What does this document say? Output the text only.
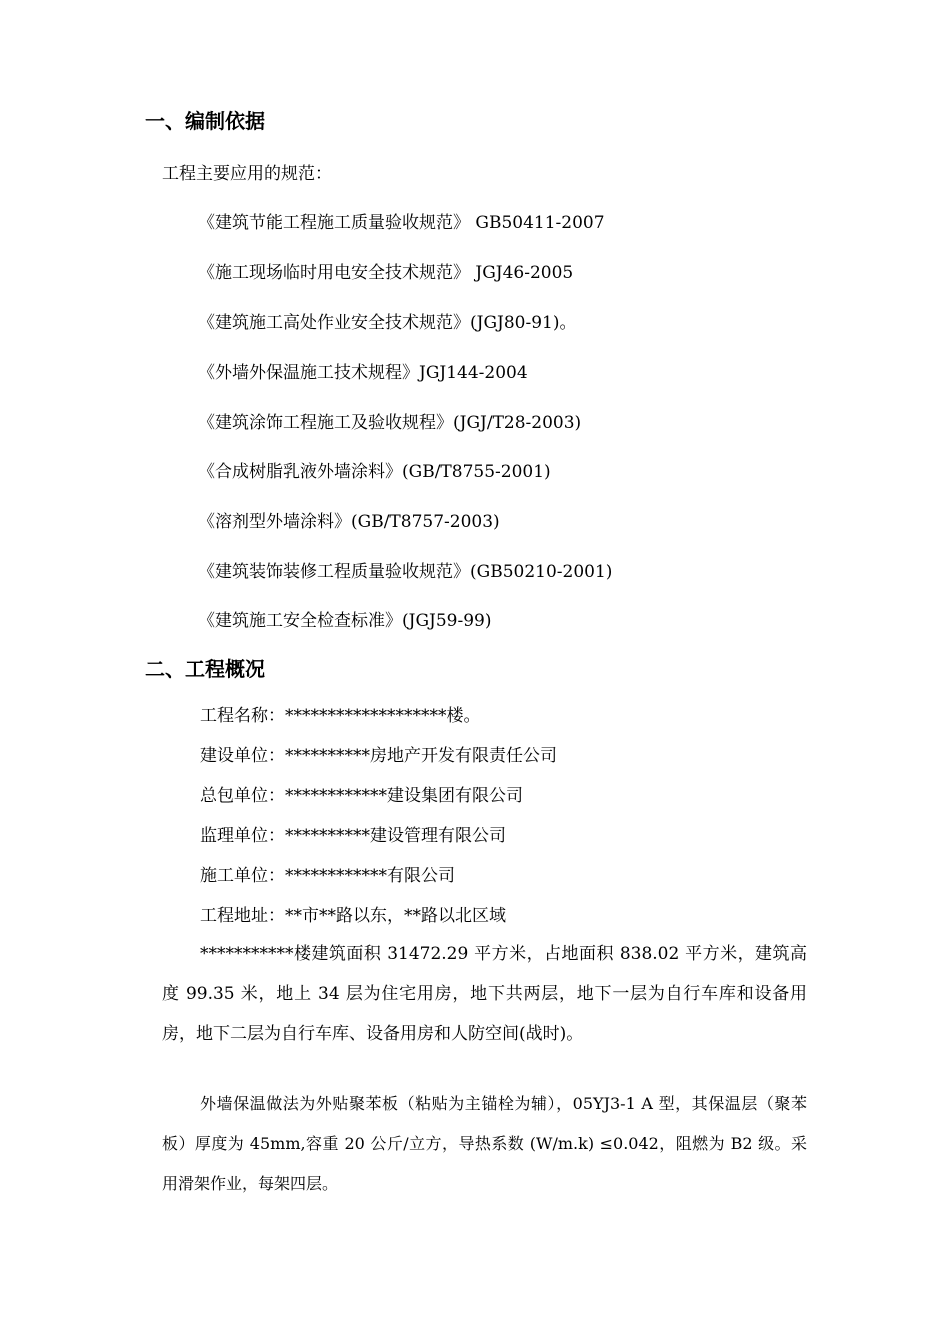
一、编制依据
工程主要应用的规范：
《建筑节能工程施工质量验收规范》 GB50411-2007
《施工现场临时用电安全技术规范》 JGJ46-2005
《建筑施工高处作业安全技术规范》(JGJ80-91)。
《外墙外保温施工技术规程》JGJ144-2004
《建筑涂饰工程施工及验收规程》(JGJ/T28-2003)
《合成树脂乳液外墙涂料》(GB/T8755-2001)
《溶剂型外墙涂料》(GB/T8757-2003)
《建筑装饰装修工程质量验收规范》(GB50210-2001)
《建筑施工安全检查标准》(JGJ59-99)
二、工程概况
工程名称：*******************楼。
建设单位：**********房地产开发有限责任公司
总包单位：************建设集团有限公司
监理单位：**********建设管理有限公司
施工单位：************有限公司
工程地址：**市**路以东，**路以北区域
***********楼建筑面积 31472.29 平方米，占地面积 838.02 平方米，建筑高度 99.35 米，地上 34 层为住宅用房，地下共两层，地下一层为自行车库和设备用房，地下二层为自行车库、设备用房和人防空间(战时)。
外墙保温做法为外贴聚苯板（粘贴为主锚栓为辅），05YJ3-1 A 型，其保温层（聚苯板）厚度为 45mm,容重 20 公斤/立方，导热系数 (W/m.k) ≤0.042，阻燃为 B2 级。采用滑架作业，每架四层。
